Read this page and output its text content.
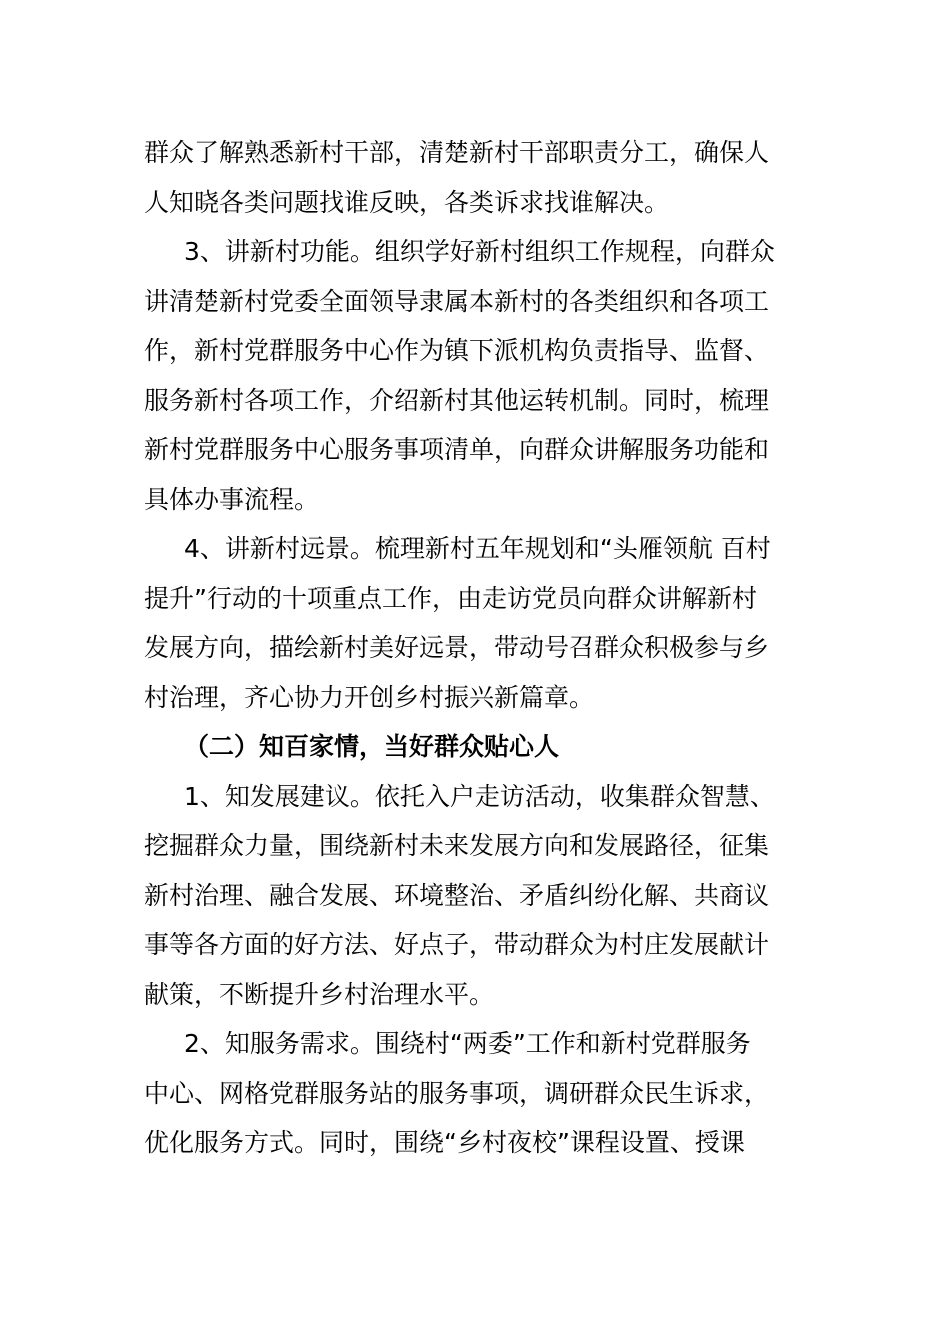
群众了解熟悉新村干部，清楚新村干部职责分工，确保人
人知晓各类问题找谁反映，各类诉求找谁解决。
3、讲新村功能。组织学好新村组织工作规程，向群众
讲清楚新村党委全面领导隶属本新村的各类组织和各项工
作，新村党群服务中心作为镇下派机构负责指导、监督、
服务新村各项工作，介绍新村其他运转机制。同时，梳理
新村党群服务中心服务事项清单，向群众讲解服务功能和
具体办事流程。
4、讲新村远景。梳理新村五年规划和“头雁领航 百村
提升”行动的十项重点工作，由走访党员向群众讲解新村
发展方向，描绘新村美好远景，带动号召群众积极参与乡
村治理，齐心协力开创乡村振兴新篇章。
（二）知百家情，当好群众贴心人
1、知发展建议。依托入户走访活动，收集群众智慧、
挖掘群众力量，围绕新村未来发展方向和发展路径，征集
新村治理、融合发展、环境整治、矛盾纠纷化解、共商议
事等各方面的好方法、好点子，带动群众为村庄发展献计
献策，不断提升乡村治理水平。
2、知服务需求。围绕村“两委”工作和新村党群服务
中心、网格党群服务站的服务事项，调研群众民生诉求，
优化服务方式。同时，围绕“乡村夜校”课程设置、授课
